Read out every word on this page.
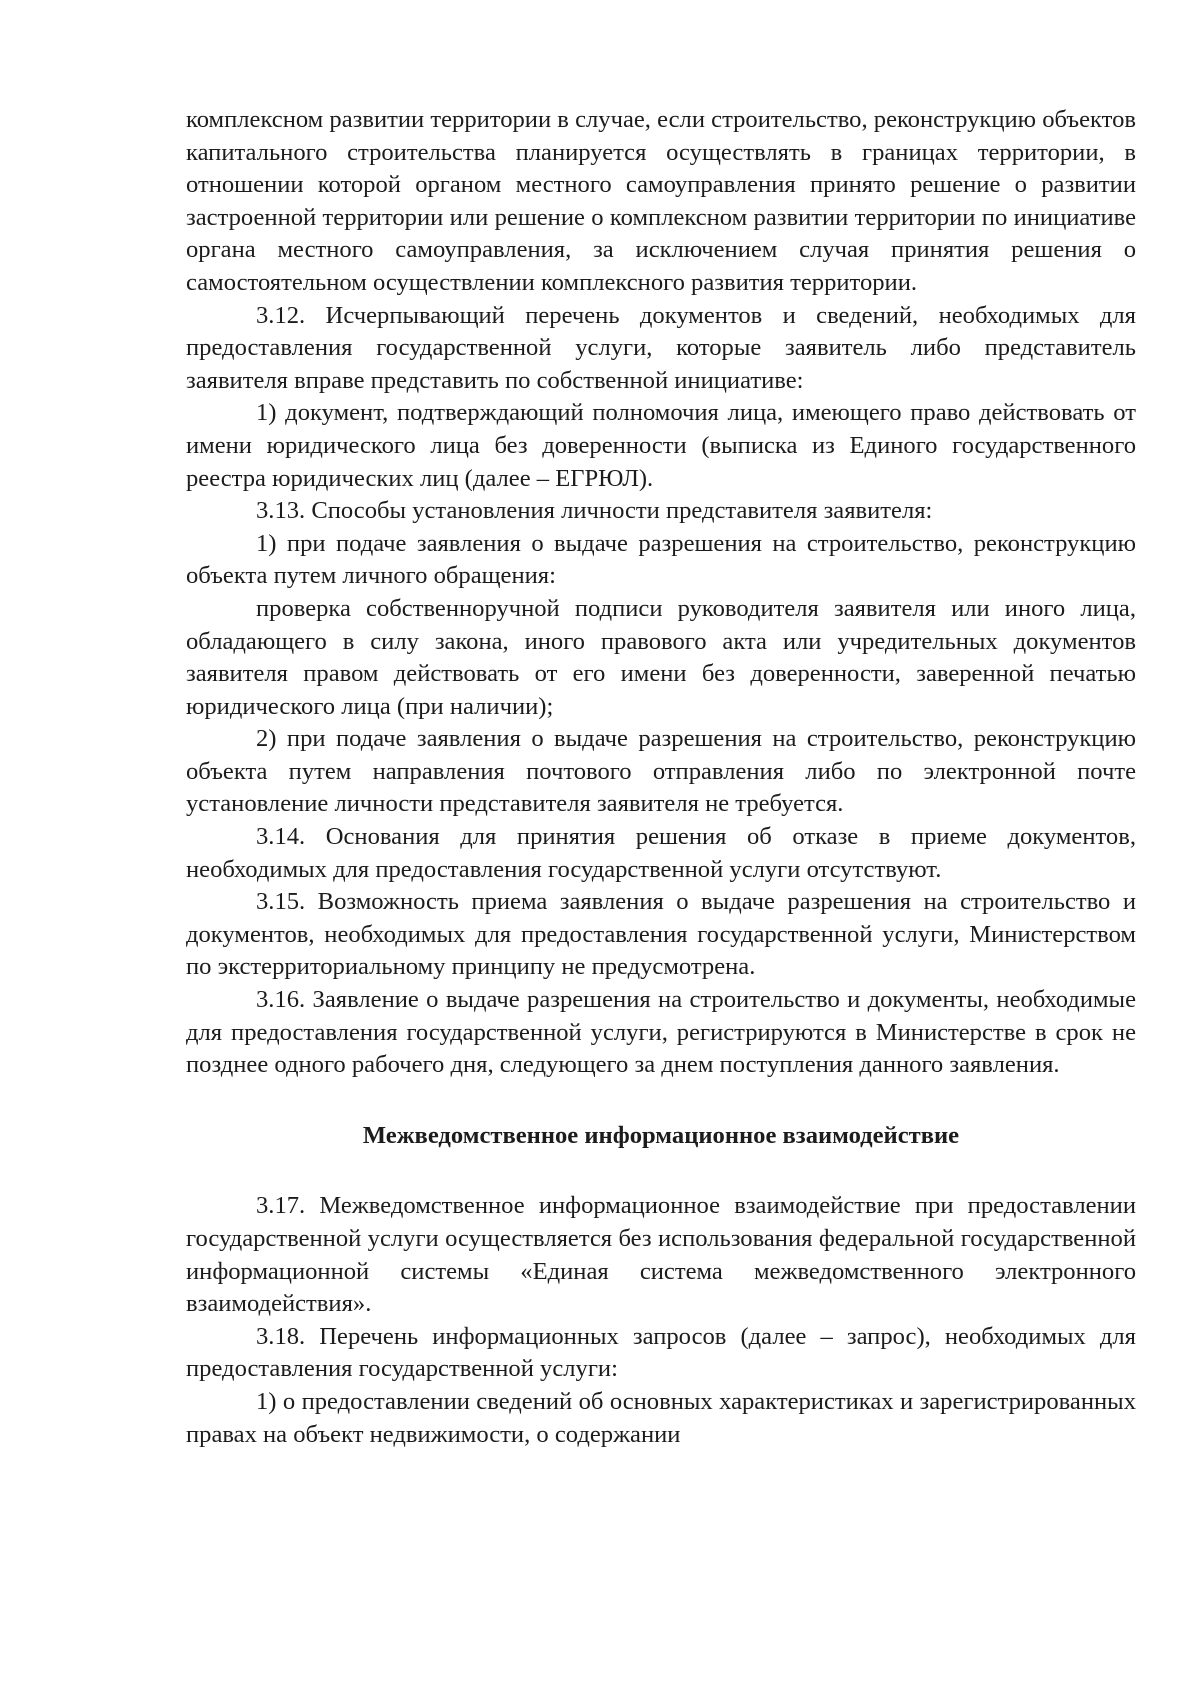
комплексном развитии территории в случае, если строительство, реконструкцию объектов капитального строительства планируется осуществлять в границах территории, в отношении которой органом местного самоуправления принято решение о развитии застроенной территории или решение о комплексном развитии территории по инициативе органа местного самоуправления, за исключением случая принятия решения о самостоятельном осуществлении комплексного развития территории.

3.12. Исчерпывающий перечень документов и сведений, необходимых для предоставления государственной услуги, которые заявитель либо представитель заявителя вправе представить по собственной инициативе:

1) документ, подтверждающий полномочия лица, имеющего право действовать от имени юридического лица без доверенности (выписка из Единого государственного реестра юридических лиц (далее – ЕГРЮЛ).

3.13. Способы установления личности представителя заявителя:

1) при подаче заявления о выдаче разрешения на строительство, реконструкцию объекта путем личного обращения:

проверка собственноручной подписи руководителя заявителя или иного лица, обладающего в силу закона, иного правового акта или учредительных документов заявителя правом действовать от его имени без доверенности, заверенной печатью юридического лица (при наличии);

2) при подаче заявления о выдаче разрешения на строительство, реконструкцию объекта путем направления почтового отправления либо по электронной почте установление личности представителя заявителя не требуется.

3.14. Основания для принятия решения об отказе в приеме документов, необходимых для предоставления государственной услуги отсутствуют.

3.15. Возможность приема заявления о выдаче разрешения на строительство и документов, необходимых для предоставления государственной услуги, Министерством по экстерриториальному принципу не предусмотрена.

3.16. Заявление о выдаче разрешения на строительство и документы, необходимые для предоставления государственной услуги, регистрируются в Министерстве в срок не позднее одного рабочего дня, следующего за днем поступления данного заявления.

Межведомственное информационное взаимодействие

3.17. Межведомственное информационное взаимодействие при предоставлении государственной услуги осуществляется без использования федеральной государственной информационной системы «Единая система межведомственного электронного взаимодействия».

3.18. Перечень информационных запросов (далее – запрос), необходимых для предоставления государственной услуги:

1) о предоставлении сведений об основных характеристиках и зарегистрированных правах на объект недвижимости, о содержании
